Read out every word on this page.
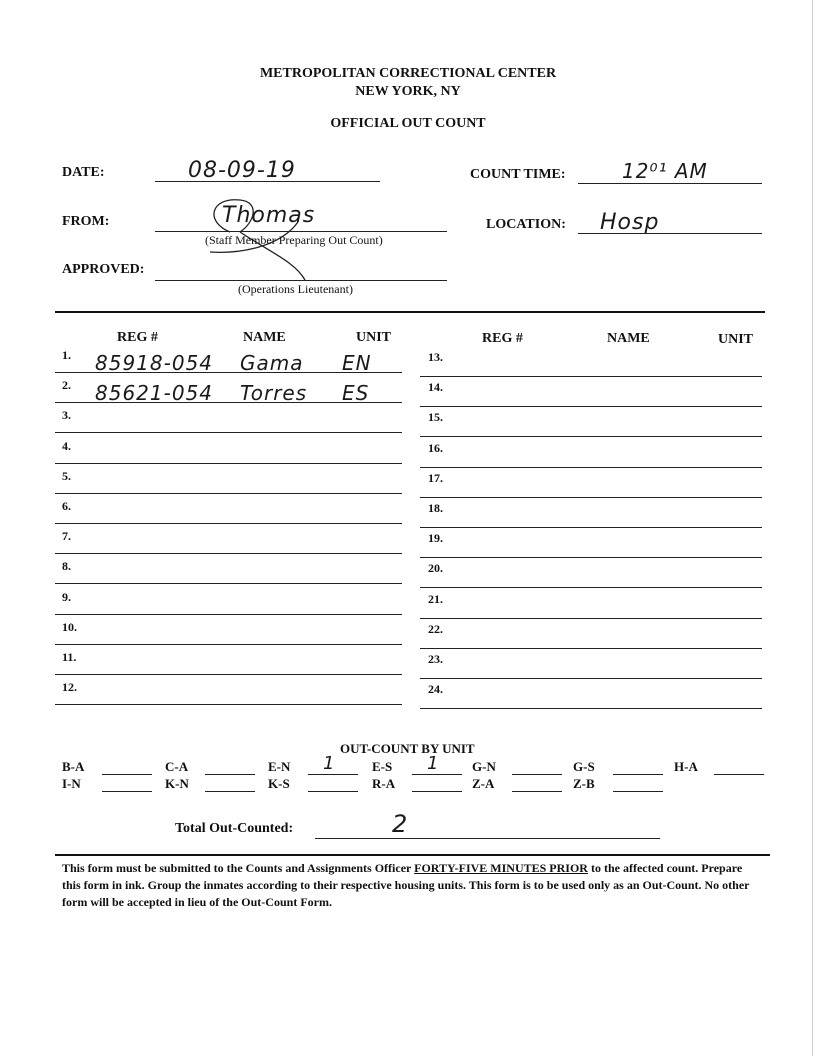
METROPOLITAN CORRECTIONAL CENTER
NEW YORK, NY
OFFICIAL OUT COUNT
DATE:	08-09-19	COUNT TIME:	12⁰¹ AM
FROM:	Thomas
(Staff Member Preparing Out Count)
LOCATION: Hosp
APPROVED:
(Operations Lieutenant)
REG #	NAME	UNIT	REG #	NAME	UNIT
1. 85918-054 Gama EN
2. 85621-054 Torres ES
3.
4.
5.
6.
7.
8.
9.
10.
11.
12.
13.
14.
15.
16.
17.
18.
19.
20.
21.
22.
23.
24.
OUT-COUNT BY UNIT
B-A	C-A	E-N 1	E-S 1	G-N	G-S	H-A
I-N	K-N	K-S	R-A	Z-A	Z-B
Total Out-Counted:	2
This form must be submitted to the Counts and Assignments Officer FORTY-FIVE MINUTES PRIOR to the affected count. Prepare this form in ink. Group the inmates according to their respective housing units. This form is to be used only as an Out-Count. No other form will be accepted in lieu of the Out-Count Form.
